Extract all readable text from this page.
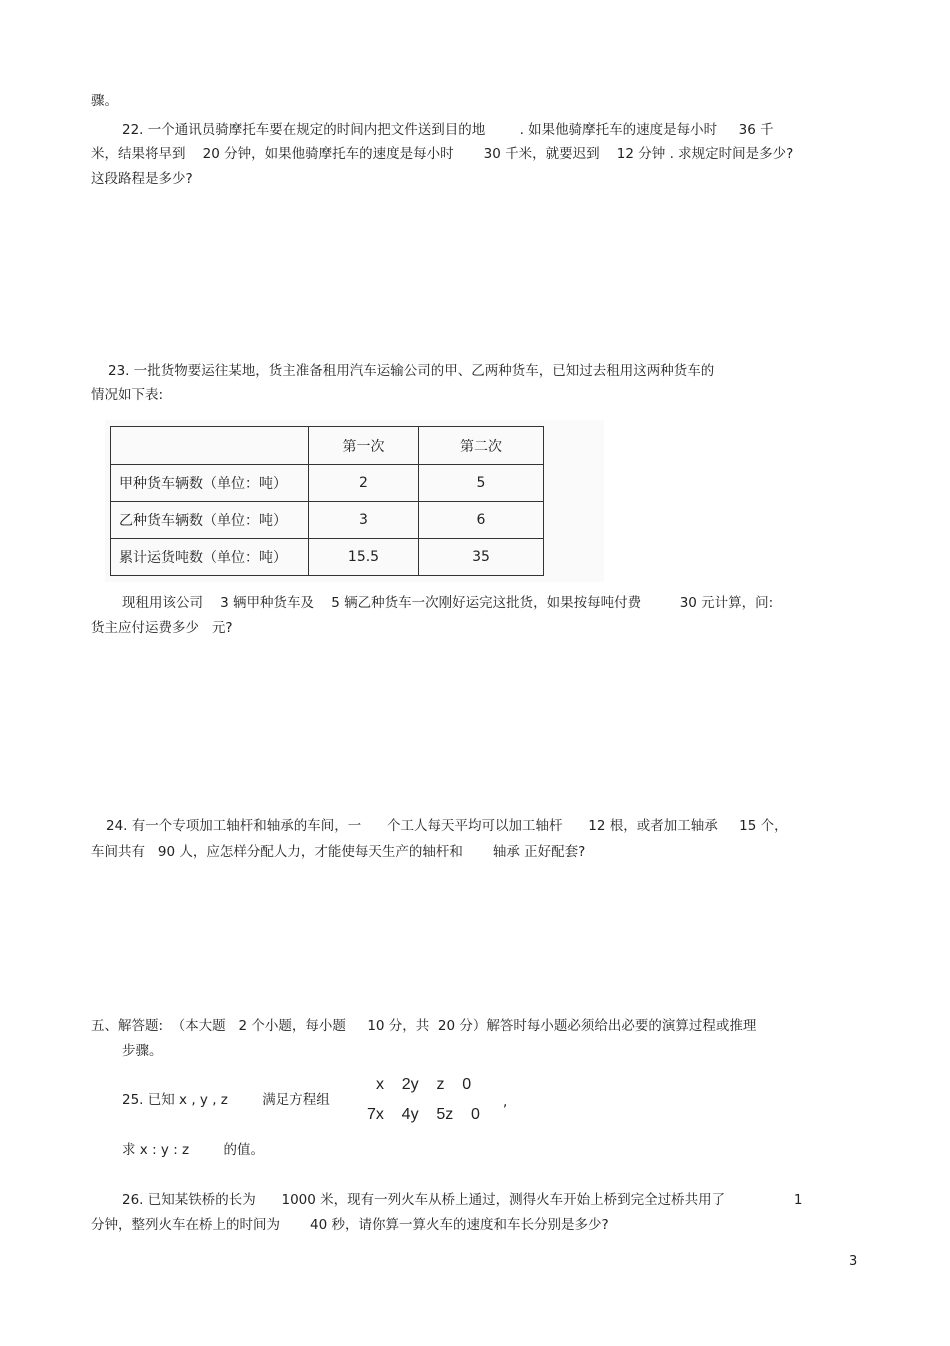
骤。
22. 一个通讯员骑摩托车要在规定的时间内把文件送到目的地        . 如果他骑摩托车的速度是每小时     36 千
米，结果将早到    20 分钟，如果他骑摩托车的速度是每小时       30 千米，就要迟到    12 分钟 . 求规定时间是多少?
这段路程是多少?
23. 一批货物要运往某地，货主准备租用汽车运输公司的甲、乙两种货车，已知过去租用这两种货车的
情况如下表:
	第一次	第二次
甲种货车辆数（单位：吨）	2	5
乙种货车辆数（单位：吨）	3	6
累计运货吨数（单位：吨）	15.5	35
现租用该公司    3 辆甲种货车及    5 辆乙种货车一次刚好运完这批货，如果按每吨付费         30 元计算，问:
货主应付运费多少   元?
24. 有一个专项加工轴杆和轴承的车间，一      个工人每天平均可以加工轴杆      12 根，或者加工轴承     15 个，
车间共有   90 人，应怎样分配人力，才能使每天生产的轴杆和       轴承 正好配套?
五、解答题:  （本大题   2 个小题，每小题     10 分，共  20 分）解答时每小题必须给出必要的演算过程或推理
步骤。
25. 已知 x , y , z        满足方程组
x    2y    z    0
7x    4y    5z    0
,
求 x : y : z        的值。
26. 已知某铁桥的长为      1000 米，现有一列火车从桥上通过，测得火车开始上桥到完全过桥共用了                1
分钟，整列火车在桥上的时间为       40 秒，请你算一算火车的速度和车长分别是多少?
3
